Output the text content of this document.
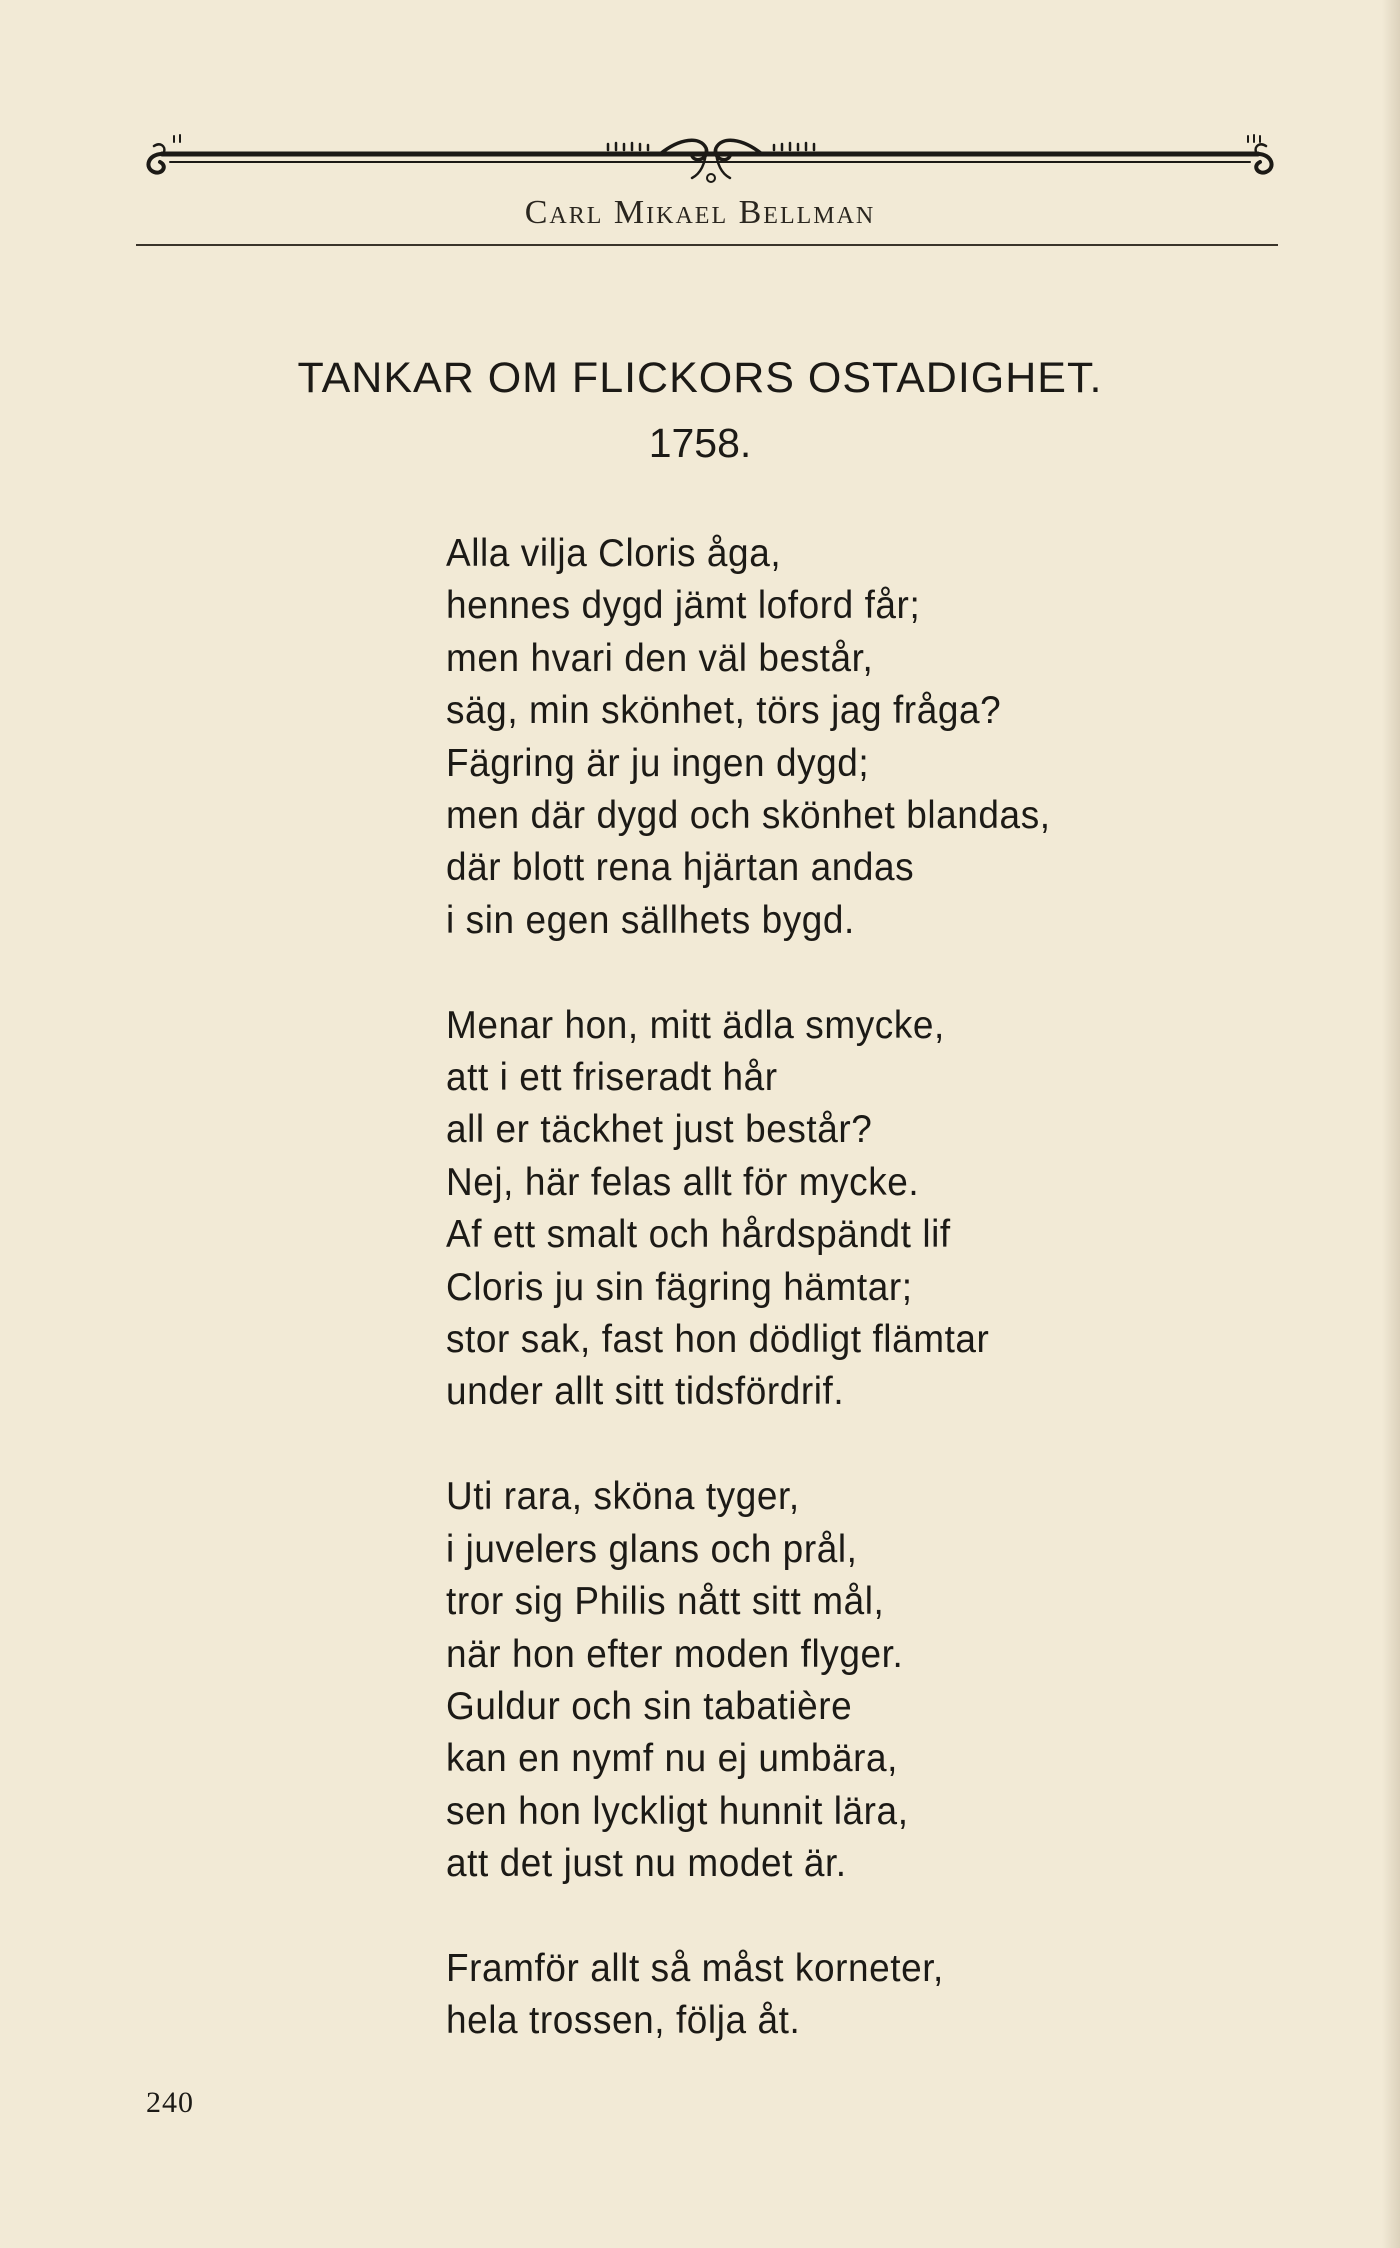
Carl Mikael Bellman
TANKAR OM FLICKORS OSTADIGHET.
1758.
Alla vilja Cloris åga,
hennes dygd jämt loford får;
men hvari den väl består,
säg, min skönhet, törs jag fråga?
Fägring är ju ingen dygd;
men där dygd och skönhet blandas,
där blott rena hjärtan andas
i sin egen sällhets bygd.
Menar hon, mitt ädla smycke,
att i ett friseradt hår
all er täckhet just består?
Nej, här felas allt för mycke.
Af ett smalt och hårdspändt lif
Cloris ju sin fägring hämtar;
stor sak, fast hon dödligt flämtar
under allt sitt tidsfördrif.
Uti rara, sköna tyger,
i juvelers glans och prål,
tror sig Philis nått sitt mål,
när hon efter moden flyger.
Guldur och sin tabatière
kan en nymf nu ej umbära,
sen hon lyckligt hunnit lära,
att det just nu modet är.
Framför allt så måst korneter,
hela trossen, följa åt.
240
